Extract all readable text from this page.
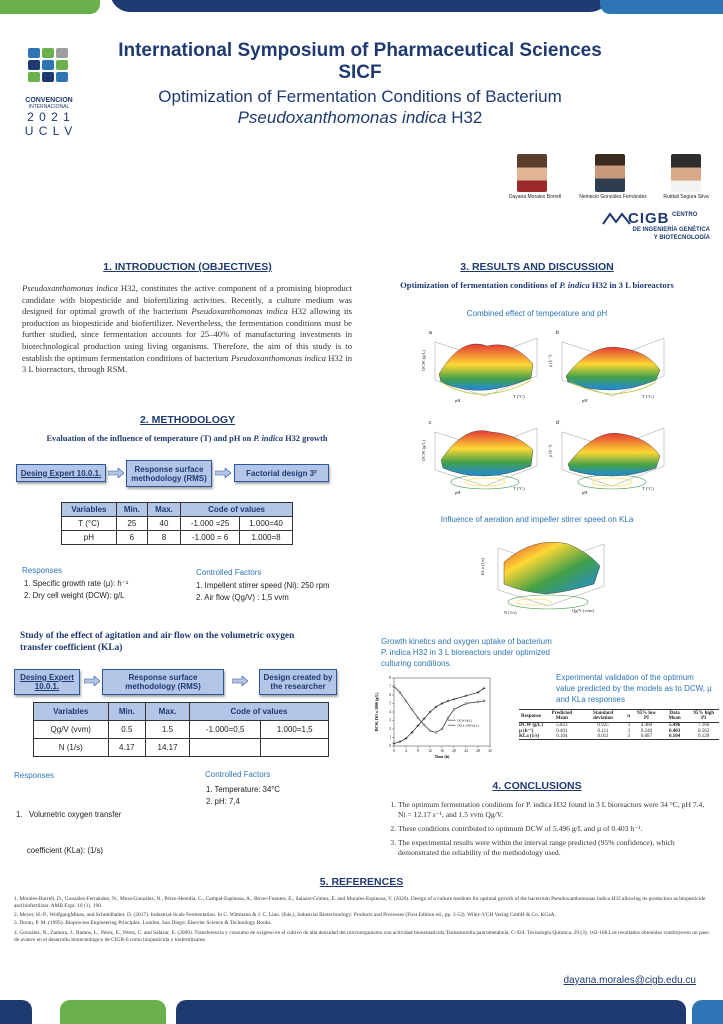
CONVENCION
INTERNACIONAL
2 0 2 1
U C L V
International Symposium of Pharmaceutical Sciences
SICF
Optimization of Fermentation Conditions of Bacterium
Pseudoxanthomonas indica H32
Dayana Morales Borrell	Nemecio Gonzáles Fernández	Rutdali Segura Silva
CIGB CENTRO
DE INGENIERÍA GENÉTICA
Y BIOTECNOLOGÍA
1. INTRODUCTION (OBJECTIVES)
Pseudoxanthomonas indica H32, constitutes the active component of a promising bioproduct candidate with biopesticide and biofertilizing activities. Recently, a culture medium was designed for optimal growth of the bacterium Pseudoxanthomonas indica H32 allowing its production as biopesticide and biofertilizer. Nevertheless, the fermentation conditions must be further studied, since fermentation accounts for 25–40% of manufacturing investments in biotechnological production using living organisms. Therefore, the aim of this study is to establish the optimum fermentation conditions of bacterium Pseudoxanthomonas indica H32 in 3 L bioreactors, through RSM.
2. METHODOLOGY
Evaluation of the influence of temperature (T) and pH on P. indica H32 growth
Desing Expert 10.0.1.	Response surface methodology (RMS)
Factorial design 3²
Variables	Min.	Max.	Code of values	
T (°C)	25	40	-1.000 =25	1.000=40
pH	6	8	-1.000 = 6	1.000=8
Responses
1. Specific growth rate (µ): h⁻¹
2. Dry cell weight (DCW): g/L
Controlled Factors
1. Impellent stirrer speed (Ni): 250 rpm
2. Air flow (Qg/V) : 1,5 vvm
Study of the effect of agitation and air flow on the volumetric oxygen
transfer coefficient (KLa)
Desing Expert 10.0.1.
Response surface methodology (RMS)
Design created by the researcher
Variables	Min.	Max.	Code of values	
Qg/V (vvm)	0.5	1.5	-1.000=0,5	1.000=1,5
N (1/s)	4.17	14.17		
Responses

1.   Volumetric oxygen transfer

coefficient (KLa): (1/s)

Controlled Factors
1. Temperature: 34°C
2. pH: 7,4
3. RESULTS AND DISCUSSION
Optimization of fermentation conditions of P. indica H32 in 3 L bioreactors
Combined effect of temperature and pH
a
DCW (g/L)
pH
T (°C)
b
µ (h⁻¹)
pH
T (°C)
c
DCW (g/L)
pH
T (°C)
d
µ (h⁻¹)
pH
T (°C)
Influence of aeration and impeller stirrer speed on KLa
KLa (1/s)
N (1/s)	Qg/V (vvm)
Growth kinetics and oxygen uptake of bacterium
P. indica H32 in 3 L bioreactors under optimized
culturing conditions.
0	4	8	12 16 20 24 28 32
0
1
2
3
4
5
6
7
8
Time (h)
DCW, DO x 1000 (g/L)	DCW (g/L)
DO x 1000 (g/L)
Experimental validation of the optimum
value predicted by the models as to DCW, µ
and KLa responses
Response	Predicted Mean	Standard deviation	n	95% low PI	Data Mean	95% high PI
DCW (g/L)	5.823	0.925	3	4.480	5.496	7.166
µ (h⁻¹)	0.401	0.111	3	0.240	0.403	0.562
KLa (1/s)	0.104	0.011	3	0.087	0.104	0.120
4. CONCLUSIONS
1. The optimum fermentation conditions for P. indica H32 found in 3 L bioreactors were 34 °C, pH 7.4, Ni = 12.17 s⁻¹, and 1.5 vvm Qg/V.
2. These conditions contributed to optimum DCW of 5.496 g/L and µ of 0.403 h⁻¹.
3. The experimental results were within the interval range predicted (95% confidence), which demonstrated the reliability of the methodology used.
5. REFERENCES
1. Morales-Borrell, D., González-Fernández, N., Mora-González, N., Pérez-Heredia, C., Campal-Espinosa, A., Bover-Fuentes, E., Salazar-Gómez, E. and Morales-Espinosa, Y. (2020). Design of a culture medium for optimal growth of the bacterium Pseudoxanthomonas indica H32 allowing its production as biopesticide and biofertilizer. AMB Expr. 10 (1), 190.
2. Meyer, H.-P., WolfgangMinas, and Schmidhalter, D. (2017). Industrial-Scale Fermentation. In C. Wittmann & J. C. Liao. (Eds.), Industrial Biotechnology: Products and Processes (First Edition ed., pp. 3-53). Wiley-VCH Verlag GmbH & Co. KGaA.
3. Doran, P. M. (1995). Bioprocess Engineering Principles. London, San Diego: Elsevier Science & Technology Books.
4. González, N., Zamora, J., Ramos, L., Pérez, E., Pérez, C. and Salazar, E. (2009). Transferencia y consumo de oxígeno en el cultivo de alta densidad del microorganismo con actividad bionematicida Tsukamurella paurometabola, C-924. Tecnología Química. 29 (3), 162-168.Los resultados obtenidos contituyeron un paso de avance en el desarrollo biotecnológico de CIGB-6 como biopesticida y biofertilizante.
dayana.morales@cigb.edu.cu
